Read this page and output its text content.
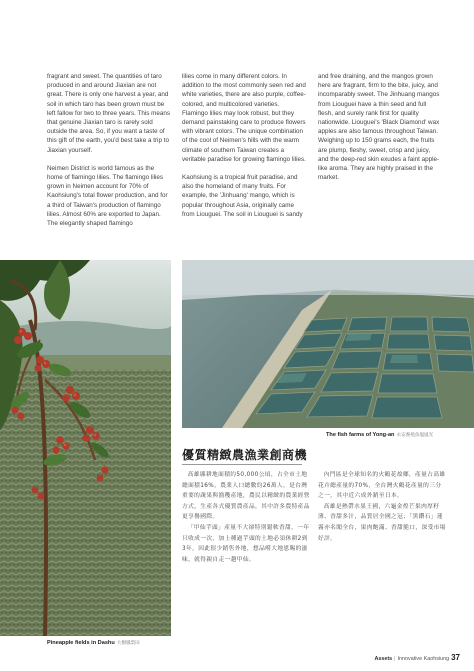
fragrant and sweet. The quantities of taro produced in and around Jiaxian are not great. There is only one harvest a year, and soil in which taro has been grown must be left fallow for two to three years. This means that genuine Jiaxian taro is rarely sold outside the area. So, if you want a taste of this gift of the earth, you'd best take a trip to Jiaxian yourself.

Neimen District is world famous as the home of flamingo lilies. The flamingo lilies grown in Neimen account for 70% of Kaohsiung's total flower production, and for a third of Taiwan's production of flamingo lilies. Almost 60% are exported to Japan. The elegantly shaped flamingo

lilies come in many different colors. In addition to the most commonly seen red and white varieties, there are also purple, coffee-colored, and multicolored varieties. Flamingo lilies may look robust, but they demand painstaking care to produce flowers with vibrant colors. The unique combination of the cool of Neimen's hills with the warm climate of southern Taiwan creates a veritable paradise for growing flamingo lilies.

Kaohsiung is a tropical fruit paradise, and also the homeland of many fruits. For example, the 'Jinhuang' mango, which is popular throughout Asia, originally came from Liouguei. The soil in Liouguei is sandy

and free draining, and the mangos grown here are fragrant, firm to the bite, juicy, and incomparably sweet. The Jinhuang mangos from Liouguei have a thin seed and full flesh, and surely rank first for quality nationwide. Liouguei's 'Black Diamond' wax apples are also famous throughout Taiwan. Weighing up to 150 grams each, the fruits are plump, fleshy, sweet, crisp and juicy, and the deep-red skin exudes a faint apple-like aroma. They are highly praised in the market.

Pineapple fields in Dashu 大樹鳳梨田
The fish farms of Yong-an 永安養殖魚塭風光
優質精緻農漁業創商機

高雄縣耕地面積約50,000公頃，占全市土地總面積16%，農業人口總數約26萬人，是台灣重要的蔬果與漁穫產地，農民以精緻的農業經營方式，生產各式優質農產品，其中許多農特產品更享譽國際。

「甲仙芋頭」產量不大卻特別鬆軟香甜，一年只收成一次，加上種過芋頭的土地必須休耕2到3年，因此很少銷售外地，想品嚐大地恩賜的滋味，就得親自走一趟甲仙。

內門區是全球知名的火鶴花故鄉，產量占高雄花卉總產量的70%，全台灣火鶴花產量的三分之一，其中近六成外銷至日本。

高雄是熱帶水果王國，六龜金煌芒果肉厚籽薄、香甜多汁，品質居全國之冠；「黑鑽石」蓮霧亦名聞全台，果肉飽滿、香甜脆口，深受市場好評。

Assets | Innovative Kaohsiung 37
